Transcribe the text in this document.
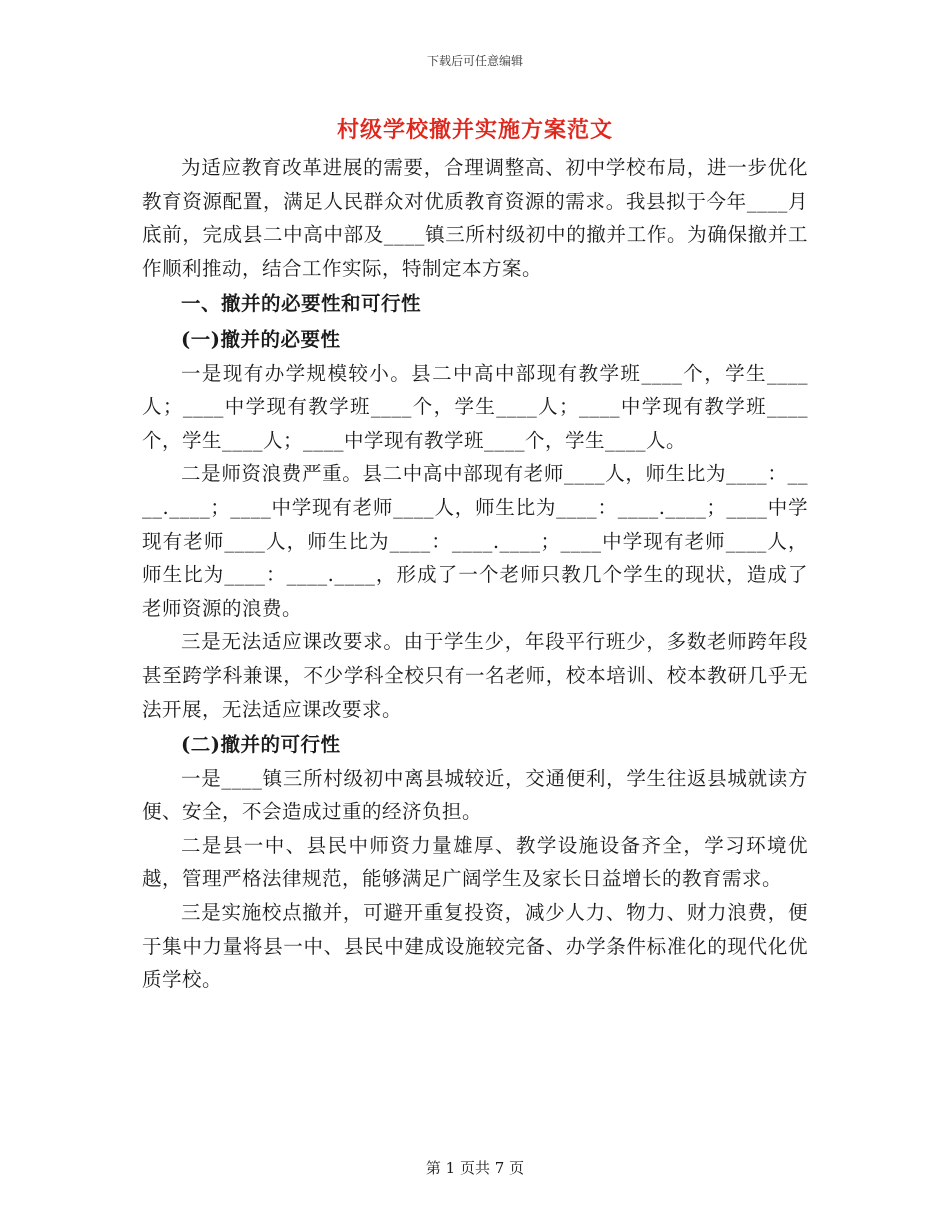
下载后可任意编辑
村级学校撤并实施方案范文

为适应教育改革进展的需要，合理调整高、初中学校布局，进一步优化教育资源配置，满足人民群众对优质教育资源的需求。我县拟于今年____月底前，完成县二中高中部及____镇三所村级初中的撤并工作。为确保撤并工作顺利推动，结合工作实际，特制定本方案。

一、撤并的必要性和可行性

(一)撤并的必要性

一是现有办学规模较小。县二中高中部现有教学班____个，学生____人；____中学现有教学班____个，学生____人；____中学现有教学班____个，学生____人；____中学现有教学班____个，学生____人。

二是师资浪费严重。县二中高中部现有老师____人，师生比为____：____.____；____中学现有老师____人，师生比为____：____.____；____中学现有老师____人，师生比为____：____.____；____中学现有老师____人，师生比为____：____.____，形成了一个老师只教几个学生的现状，造成了老师资源的浪费。

三是无法适应课改要求。由于学生少，年段平行班少，多数老师跨年段甚至跨学科兼课，不少学科全校只有一名老师，校本培训、校本教研几乎无法开展，无法适应课改要求。

(二)撤并的可行性

一是____镇三所村级初中离县城较近，交通便利，学生往返县城就读方便、安全，不会造成过重的经济负担。

二是县一中、县民中师资力量雄厚、教学设施设备齐全，学习环境优越，管理严格法律规范，能够满足广阔学生及家长日益增长的教育需求。

三是实施校点撤并，可避开重复投资，减少人力、物力、财力浪费，便于集中力量将县一中、县民中建成设施较完备、办学条件标准化的现代化优质学校。

第 1 页共 7 页
